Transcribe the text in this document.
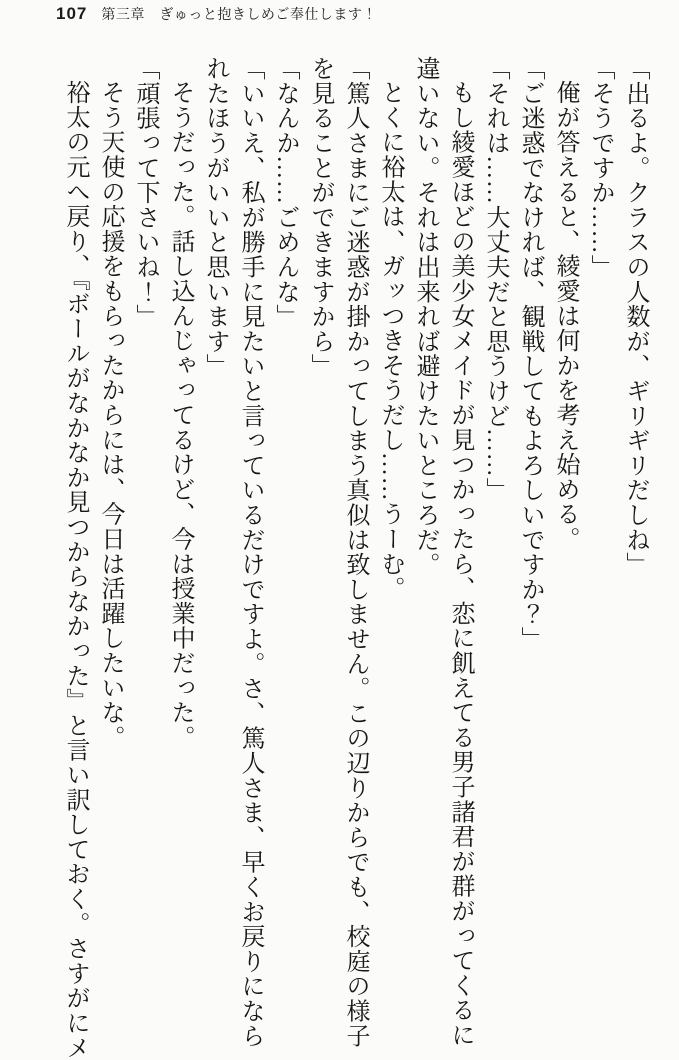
107 第三章　ぎゅっと抱きしめご奉仕します！

「出るよ。クラスの人数が、ギリギリだしね」

「そうですか……」

俺が答えると、綾愛は何かを考え始める。

「ご迷惑でなければ、観戦してもよろしいですか？」

「それは……大丈夫だと思うけど……」

もし綾愛ほどの美少女メイドが見つかったら、恋に飢えてる男子諸君が群がってくるに

違いない。それは出来れば避けたいところだ。

とくに裕太は、ガッつきそうだし……うーむ。

「篤人さまにご迷惑が掛かってしまう真似は致しません。この辺りからでも、校庭の様子

を見ることができますから」

「なんか……ごめんな」

「いいえ、私が勝手に見たいと言っているだけですよ。さ、篤人さま、早くお戻りになら

れたほうがいいと思います」

そうだった。話し込んじゃってるけど、今は授業中だった。

「頑張って下さいね！」

そう天使の応援をもらったからには、今日は活躍したいな。

裕太の元へ戻り、『ボールがなかなか見つからなかった』と言い訳しておく。さすがにメ
